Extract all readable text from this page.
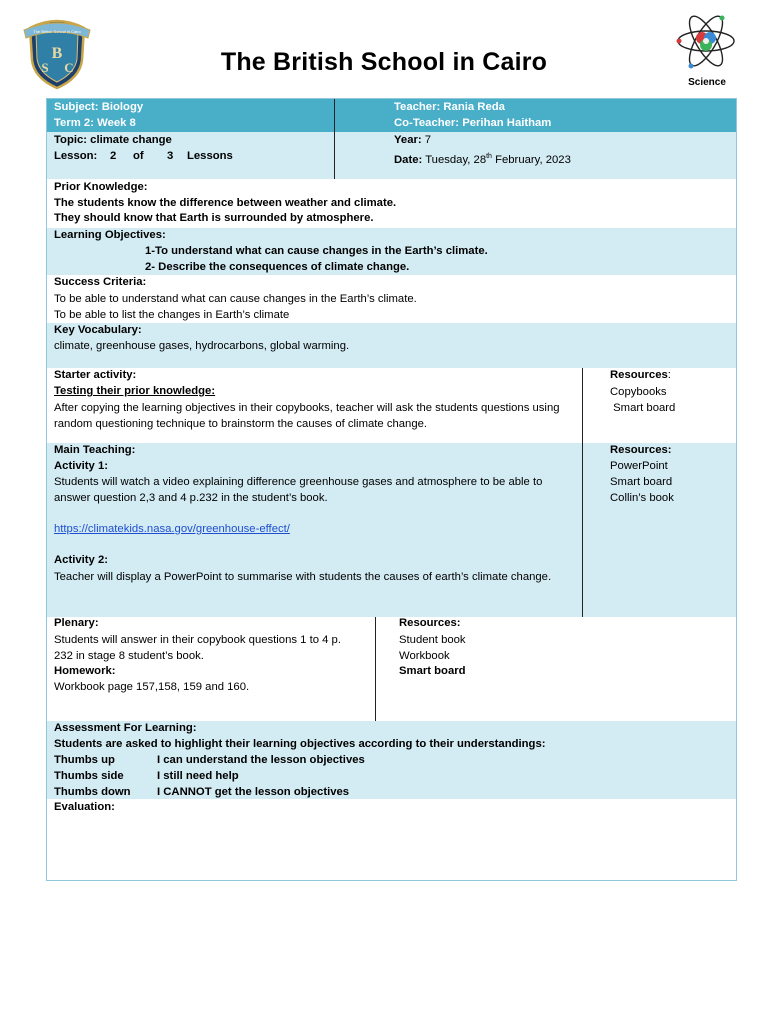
B
S C
The British School in Cairo
The British School in Cairo
Science
Subject: Biology
Term 2: Week 8
Teacher: Rania Reda
Co-Teacher: Perihan Haitham
Topic: climate change
Lesson: 2 of 3 Lessons
Year: 7
Date: Tuesday, 28th February, 2023
Prior Knowledge:
The students know the difference between weather and climate.
They should know that Earth is surrounded by atmosphere.
Learning Objectives:
1-To understand what can cause changes in the Earth’s climate.
2- Describe the consequences of climate change.
Success Criteria:
To be able to understand what can cause changes in the Earth’s climate.
To be able to list the changes in Earth’s climate
Key Vocabulary:
climate, greenhouse gases, hydrocarbons, global warming.
Starter activity:
Testing their prior knowledge:
After copying the learning objectives in their copybooks, teacher will ask the students questions using
random questioning technique to brainstorm the causes of climate change.
Resources:
Copybooks
Smart board
Main Teaching:
Activity 1:
Students will watch a video explaining difference greenhouse gases and atmosphere to be able to
answer question 2,3 and 4 p.232 in the student’s book.
https://climatekids.nasa.gov/greenhouse-effect/
Activity 2:
Teacher will display a PowerPoint to summarise with students the causes of earth’s climate change.
Resources:
PowerPoint
Smart board
Collin’s book
Plenary:
Students will answer in their copybook questions 1 to 4 p.
232 in stage 8 student’s book.
Homework:
Workbook page 157,158, 159 and 160.
Resources:
Student book
Workbook
Smart board
Assessment For Learning:
Students are asked to highlight their learning objectives according to their understandings:
Thumbs up	I can understand the lesson objectives
Thumbs side	I still need help
Thumbs down I CANNOT get the lesson objectives
Evaluation:
